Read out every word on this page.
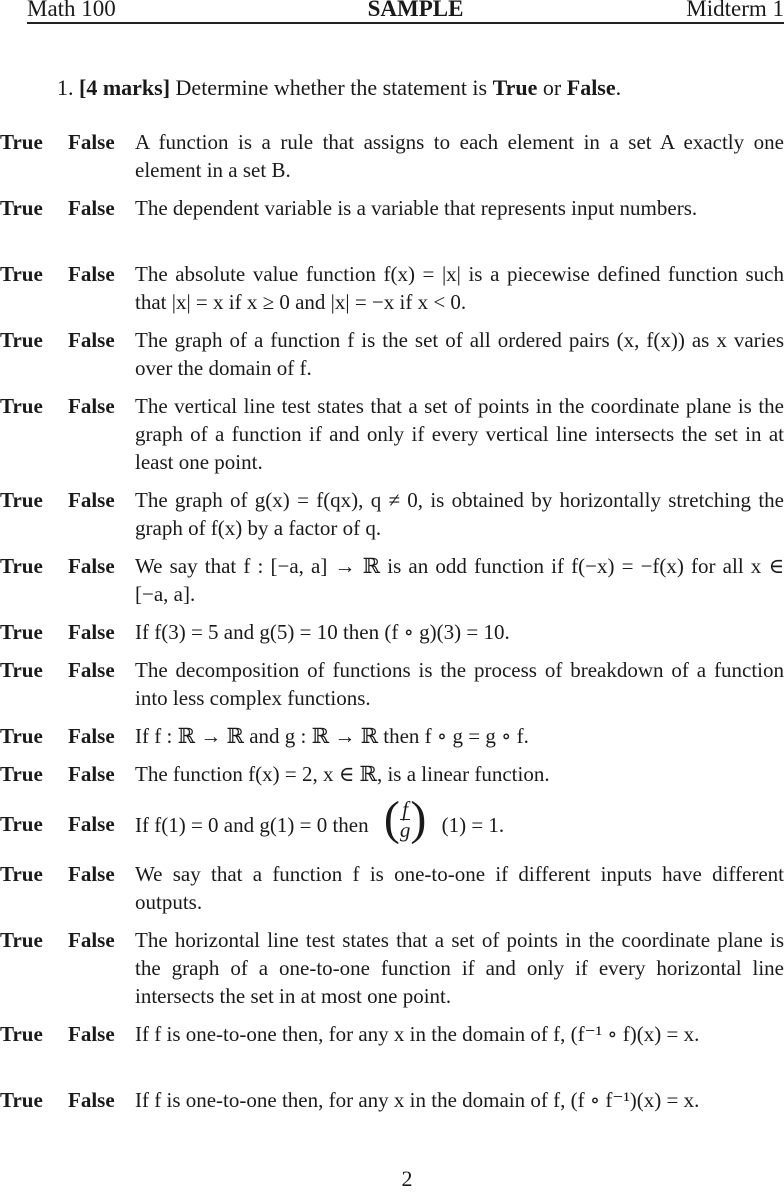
Math 100	SAMPLE	Midterm 1
1. [4 marks] Determine whether the statement is True or False.
True False A function is a rule that assigns to each element in a set A exactly one element in a set B.
True False The dependent variable is a variable that represents input numbers.
True False The absolute value function f(x) = |x| is a piecewise defined function such that |x| = x if x ≥ 0 and |x| = −x if x < 0.
True False The graph of a function f is the set of all ordered pairs (x, f(x)) as x varies over the domain of f.
True False The vertical line test states that a set of points in the coordinate plane is the graph of a function if and only if every vertical line intersects the set in at least one point.
True False The graph of g(x) = f(qx), q ≠ 0, is obtained by horizontally stretching the graph of f(x) by a factor of q.
True False We say that f : [−a, a] → ℝ is an odd function if f(−x) = −f(x) for all x ∈ [−a, a].
True False If f(3) = 5 and g(5) = 10 then (f ∘ g)(3) = 10.
True False The decomposition of functions is the process of breakdown of a function into less complex functions.
True False If f : ℝ → ℝ and g : ℝ → ℝ then f ∘ g = g ∘ f.
True False The function f(x) = 2, x ∈ ℝ, is a linear function.
True False If f(1) = 0 and g(1) = 0 then ( $\frac{f}{g}$ ) (1) = 1.
True False We say that a function f is one-to-one if different inputs have different outputs.
True False The horizontal line test states that a set of points in the coordinate plane is the graph of a one-to-one function if and only if every horizontal line intersects the set in at most one point.
True False If f is one-to-one then, for any x in the domain of f, (f⁻¹ ∘ f)(x) = x.
True False If f is one-to-one then, for any x in the domain of f, (f ∘ f⁻¹)(x) = x.
2
